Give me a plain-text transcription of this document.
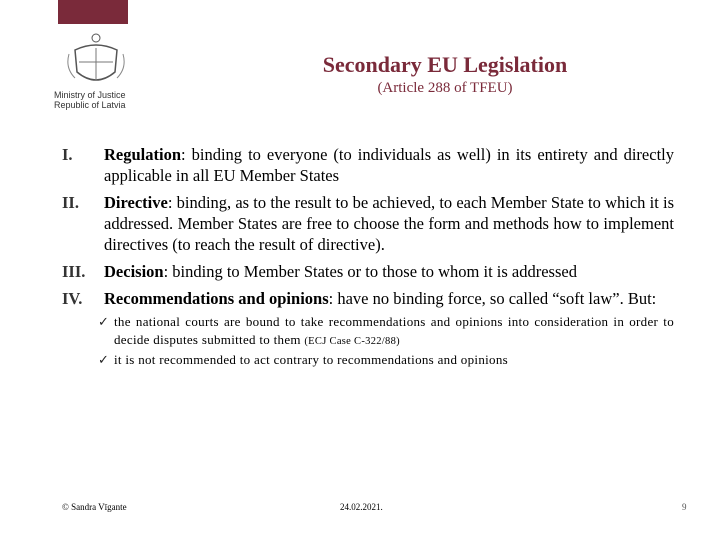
Ministry of Justice
Republic of Latvia
Secondary EU Legislation
(Article 288 of TFEU)
I.	Regulation: binding to everyone (to individuals as well) in its entirety and directly applicable in all EU Member States
II.	Directive: binding, as to the result to be achieved, to each Member State to which it is addressed. Member States are free to choose the form and methods how to implement directives (to reach the result of directive).
III.	Decision: binding to Member States or to those to whom it is addressed
IV.	Recommendations and opinions: have no binding force, so called “soft law”. But:
✓ the national courts are bound to take recommendations and opinions into consideration in order to decide disputes submitted to them (ECJ Case C-322/88)
✓ it is not recommended to act contrary to recommendations and opinions
© Sandra Vīgante	24.02.2021.	9
